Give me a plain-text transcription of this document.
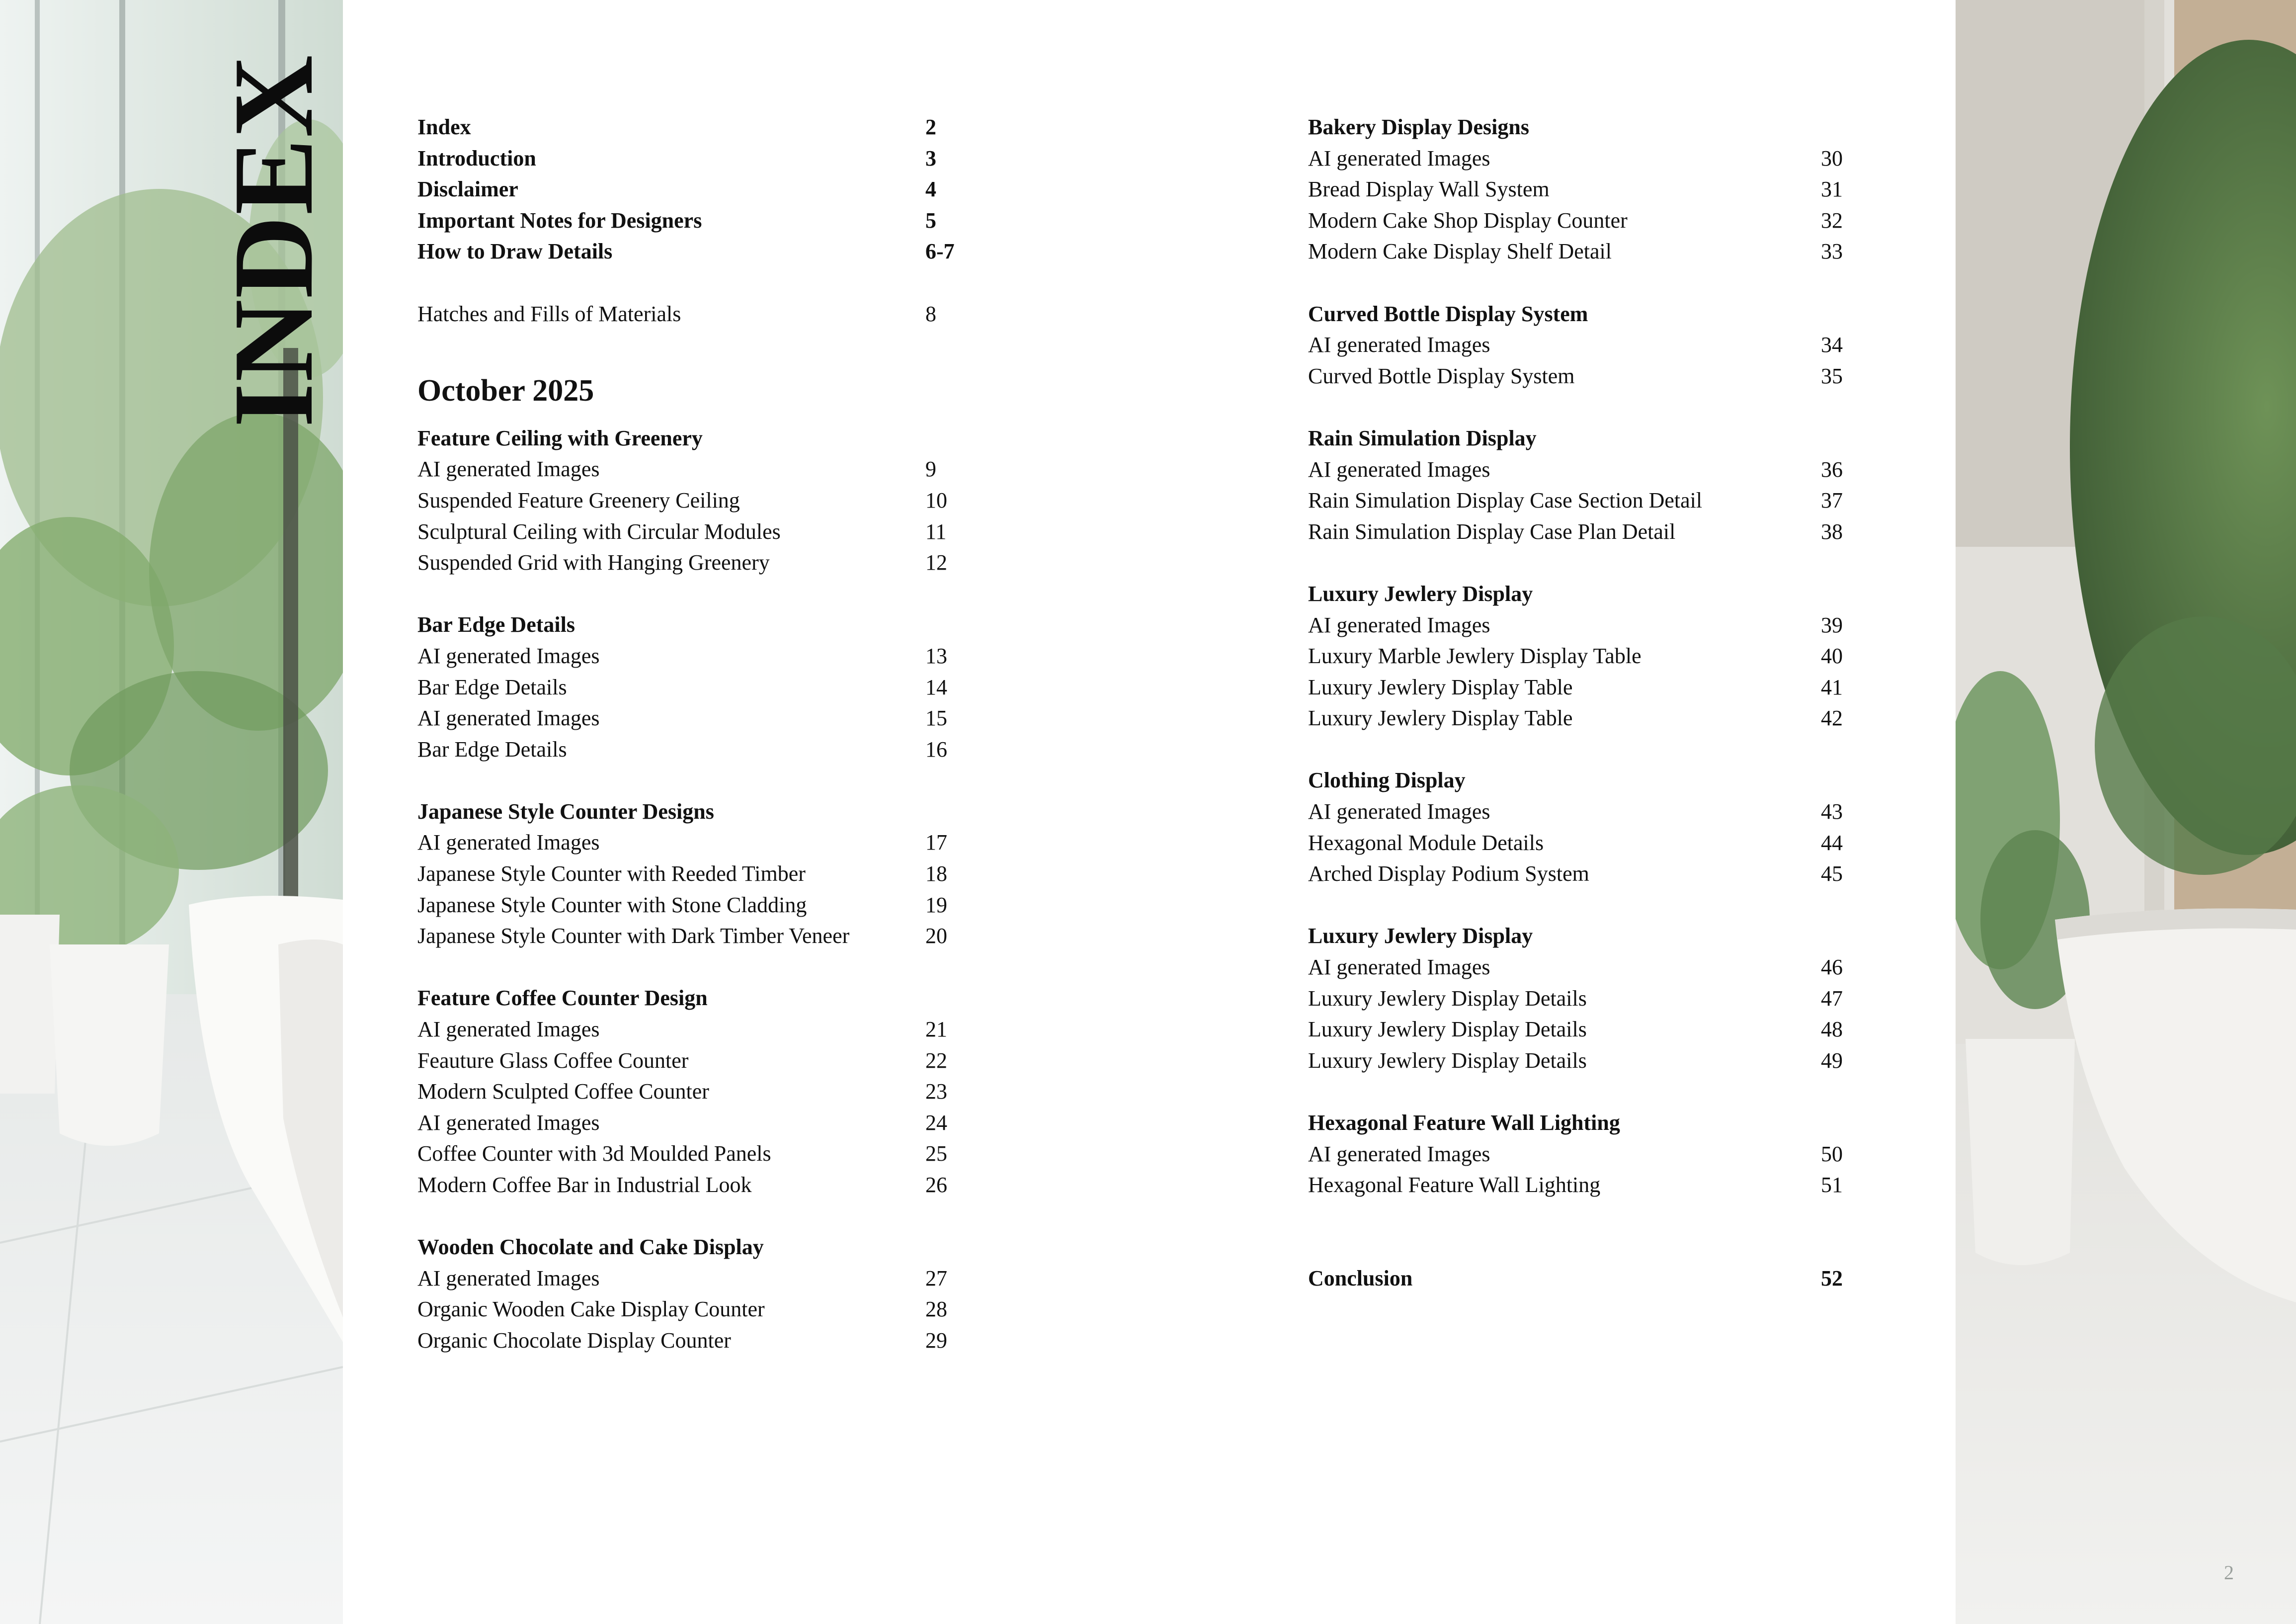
INDEX	Index	2
Introduction	3
Disclaimer	4
Important Notes for Designers	5
How to Draw Details	6-7
Hatches and Fills of Materials	8
October 2025
Feature Ceiling with Greenery
AI generated Images	9
Suspended Feature Greenery Ceiling	10
Sculptural Ceiling with Circular Modules	11
Suspended Grid with Hanging Greenery	12
Bar Edge Details
AI generated Images	13
Bar Edge Details	14
AI generated Images	15
Bar Edge Details	16
Japanese Style Counter Designs
AI generated Images	17
Japanese Style Counter with Reeded Timber	18
Japanese Style Counter with Stone Cladding	19
Japanese Style Counter with Dark Timber Veneer	20
Feature Coffee Counter Design
AI generated Images	21
Feauture Glass Coffee Counter	22
Modern Sculpted Coffee Counter	23
AI generated Images	24
Coffee Counter with 3d Moulded Panels	25
Modern Coffee Bar in Industrial Look	26
Wooden Chocolate and Cake Display
AI generated Images	27
Organic Wooden Cake Display Counter	28
Organic Chocolate Display Counter	29
Bakery Display Designs
AI generated Images	30
Bread Display Wall System	31
Modern Cake Shop Display Counter	32
Modern Cake Display Shelf Detail	33
Curved Bottle Display System
AI generated Images	34
Curved Bottle Display System	35
Rain Simulation Display
AI generated Images	36
Rain Simulation Display Case Section Detail	37
Rain Simulation Display Case Plan Detail	38
Luxury Jewlery Display
AI generated Images	39
Luxury Marble Jewlery Display Table	40
Luxury Jewlery Display Table	41
Luxury Jewlery Display Table	42
Clothing Display
AI generated Images	43
Hexagonal Module Details	44
Arched Display Podium System	45
Luxury Jewlery Display
AI generated Images	46
Luxury Jewlery Display Details	47
Luxury Jewlery Display Details	48
Luxury Jewlery Display Details	49
Hexagonal Feature Wall Lighting
AI generated Images	50
Hexagonal Feature Wall Lighting	51
Conclusion	52
2
